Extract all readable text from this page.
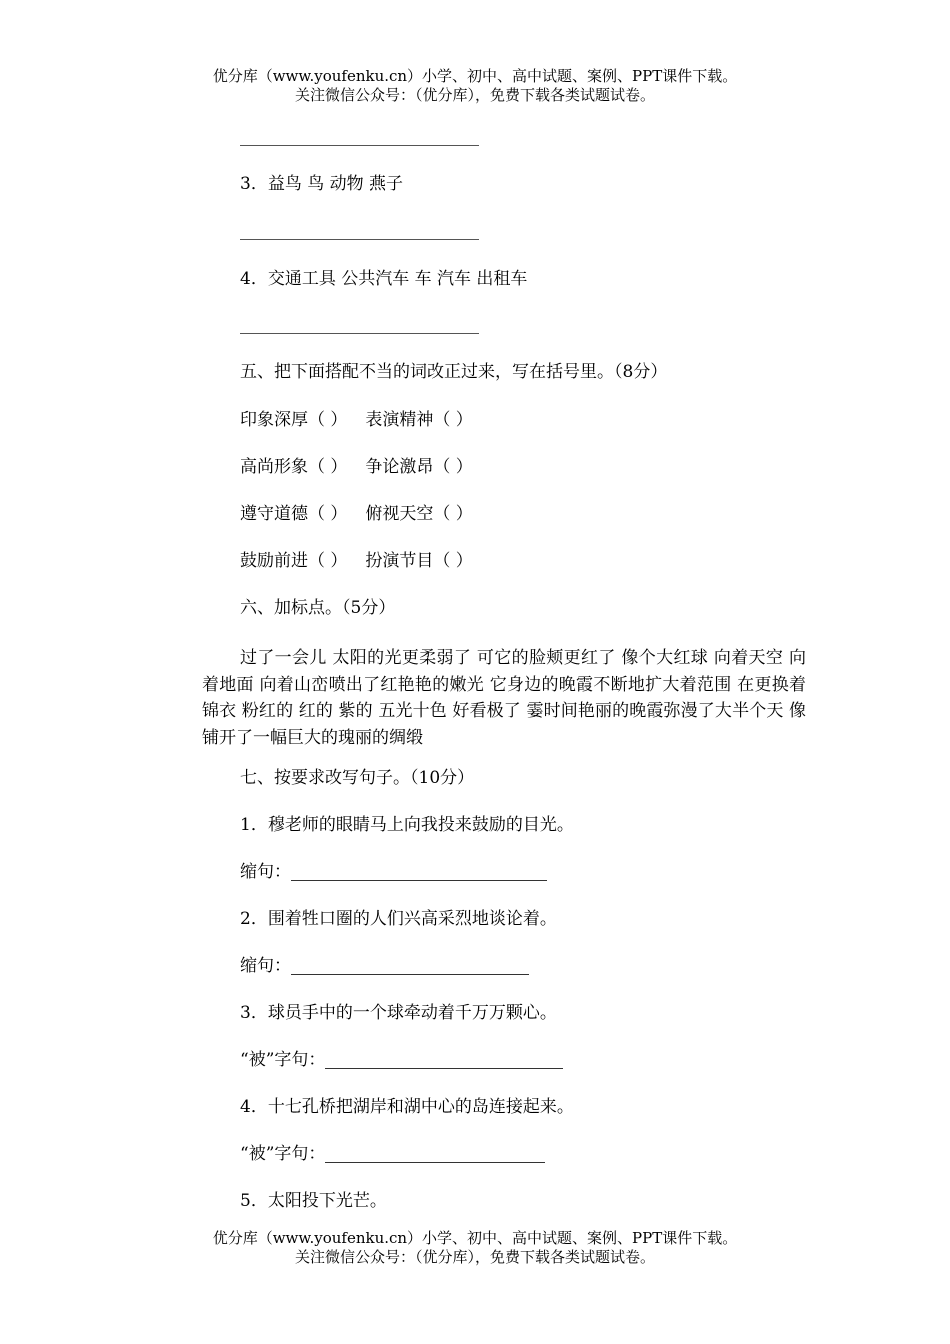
优分库（www.youfenku.cn）小学、初中、高中试题、案例、PPT课件下载。
关注微信公众号：（优分库），免费下载各类试题试卷。
3．益鸟 鸟 动物 燕子
4．交通工具 公共汽车 车 汽车 出租车
五、把下面搭配不当的词改正过来，写在括号里。（8分）
印象深厚（ ） 表演精神（ ）
高尚形象（ ） 争论激昂（ ）
遵守道德（ ） 俯视天空（ ）
鼓励前进（ ） 扮演节目（ ）
六、加标点。（5分）
过了一会儿 太阳的光更柔弱了 可它的脸颊更红了 像个大红球 向着天空 向着地面 向着山峦喷出了红艳艳的嫩光 它身边的晚霞不断地扩大着范围 在更换着锦衣 粉红的 红的 紫的 五光十色 好看极了 霎时间艳丽的晚霞弥漫了大半个天 像铺开了一幅巨大的瑰丽的绸缎
七、按要求改写句子。（10分）
1．穆老师的眼睛马上向我投来鼓励的目光。
缩句：
2．围着牲口圈的人们兴高采烈地谈论着。
缩句：
3．球员手中的一个球牵动着千万万颗心。
“被”字句：
4．十七孔桥把湖岸和湖中心的岛连接起来。
“被”字句：
5．太阳投下光芒。
优分库（www.youfenku.cn）小学、初中、高中试题、案例、PPT课件下载。
关注微信公众号：（优分库），免费下载各类试题试卷。
